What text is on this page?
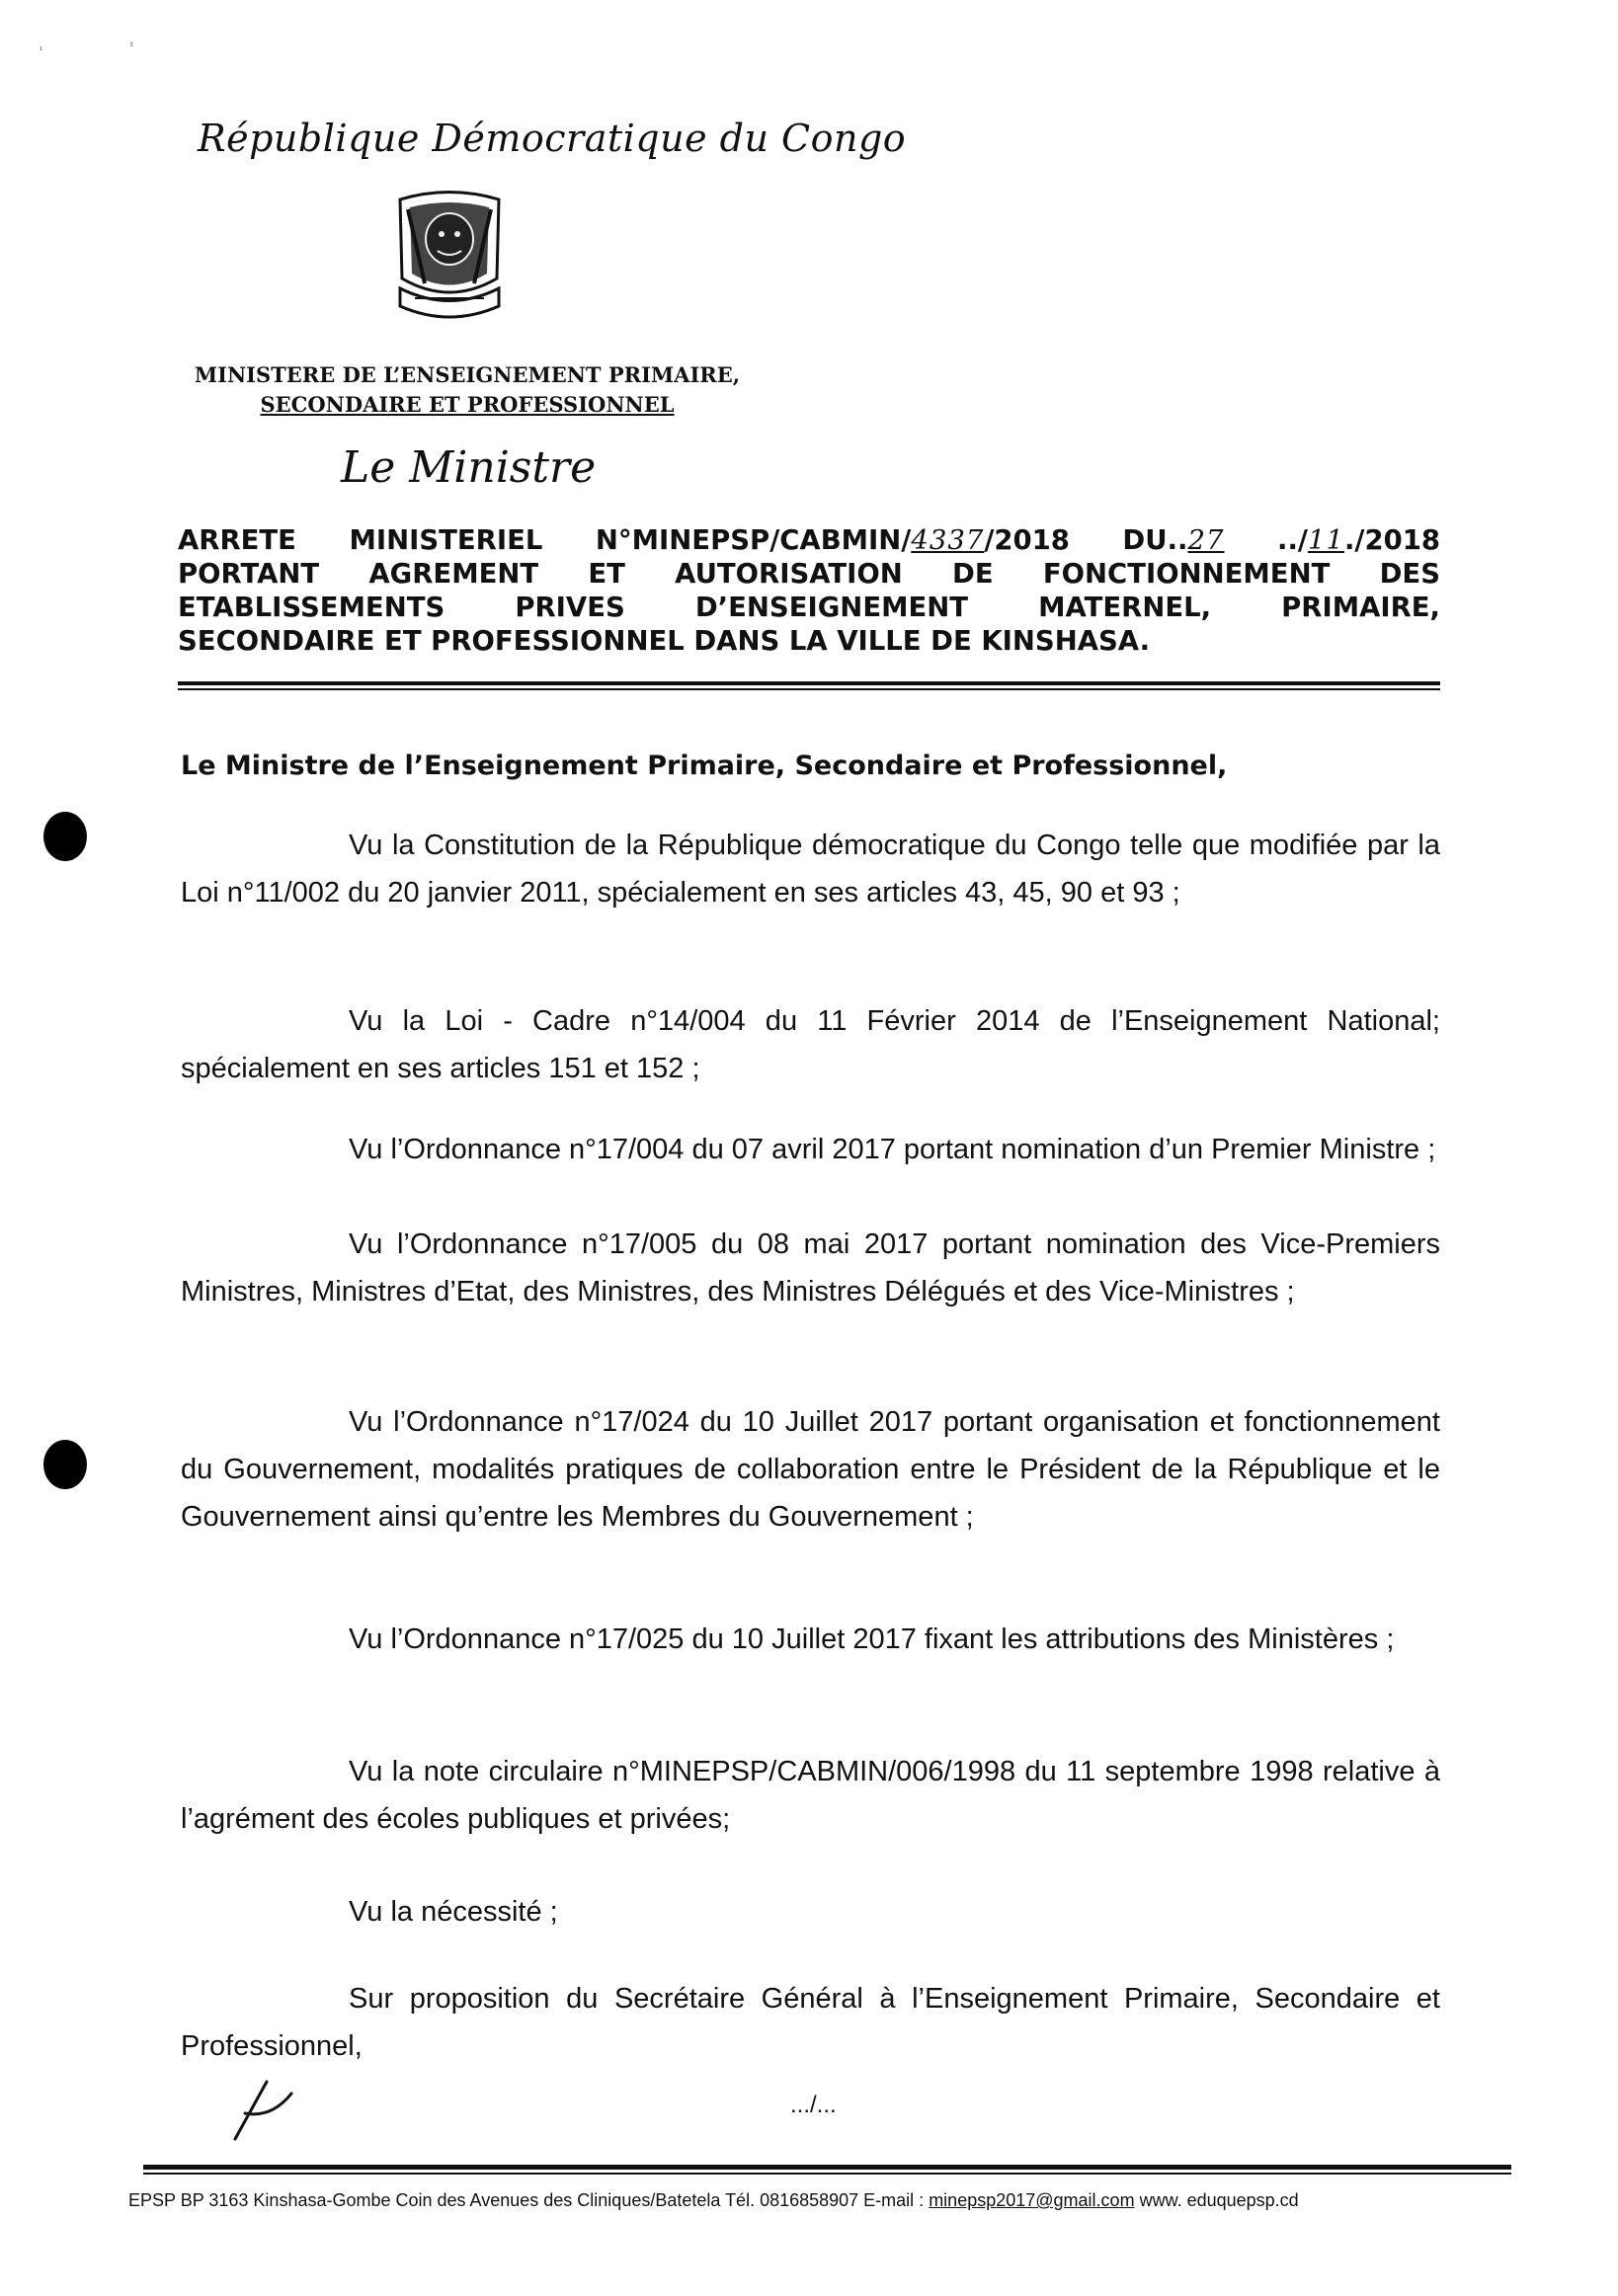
ᶦ	ᵗ
République Démocratique du Congo
MINISTERE DE L’ENSEIGNEMENT PRIMAIRE,
SECONDAIRE ET PROFESSIONNEL
Le Ministre
ARRETE MINISTERIEL N°MINEPSP/CABMIN/4337/2018 DU..27 ../11./2018
PORTANT AGREMENT ET AUTORISATION DE FONCTIONNEMENT DES
ETABLISSEMENTS PRIVES D’ENSEIGNEMENT MATERNEL, PRIMAIRE,
SECONDAIRE ET PROFESSIONNEL DANS LA VILLE DE KINSHASA.
Le Ministre de l’Enseignement Primaire, Secondaire et Professionnel,
Vu la Constitution de la République démocratique du Congo telle que modifiée par la Loi n°11/002 du 20 janvier 2011, spécialement en ses articles 43, 45, 90 et 93 ;
Vu la Loi - Cadre n°14/004 du 11 Février 2014 de l’Enseignement National; spécialement en ses articles 151 et 152 ;
Vu l’Ordonnance n°17/004 du 07 avril 2017 portant nomination d’un Premier Ministre ;
Vu l’Ordonnance n°17/005 du 08 mai 2017 portant nomination des Vice-Premiers Ministres, Ministres d’Etat, des Ministres, des Ministres Délégués et des Vice-Ministres ;
Vu l’Ordonnance n°17/024 du 10 Juillet 2017 portant organisation et fonctionnement du Gouvernement, modalités pratiques de collaboration entre le Président de la République et le Gouvernement ainsi qu’entre les Membres du Gouvernement ;
Vu l’Ordonnance n°17/025 du 10 Juillet 2017 fixant les attributions des Ministères ;
Vu la note circulaire n°MINEPSP/CABMIN/006/1998 du 11 septembre 1998 relative à l’agrément des écoles publiques et privées;
Vu la nécessité ;
Sur proposition du Secrétaire Général à l’Enseignement Primaire, Secondaire et Professionnel,
.../...
EPSP BP 3163 Kinshasa-Gombe Coin des Avenues des Cliniques/Batetela Tél. 0816858907 E-mail : minepsp2017@gmail.com www. eduquepsp.cd
